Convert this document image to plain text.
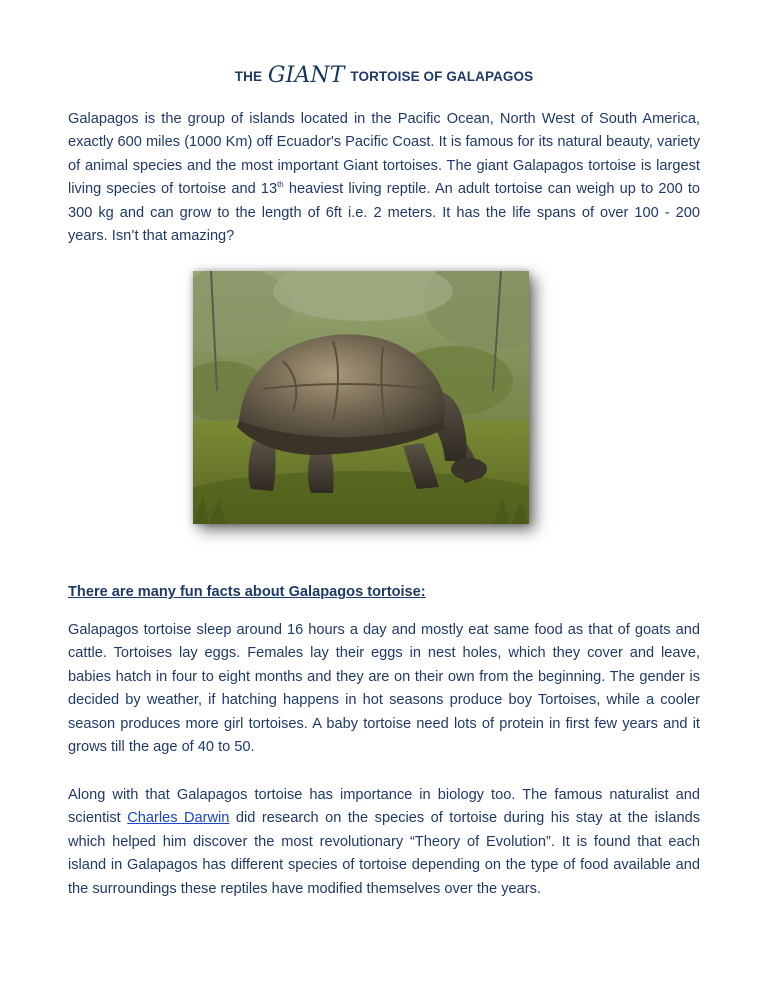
THE GIANT TORTOISE OF GALAPAGOS

Galapagos is the group of islands located in the Pacific Ocean, North West of South America, exactly 600 miles (1000 Km) off Ecuador's Pacific Coast. It is famous for its natural beauty, variety of animal species and the most important Giant tortoises. The giant Galapagos tortoise is largest living species of tortoise and 13th heaviest living reptile. An adult tortoise can weigh up to 200 to 300 kg and can grow to the length of 6ft i.e. 2 meters. It has the life spans of over 100 - 200 years. Isn’t that amazing?

There are many fun facts about Galapagos tortoise:

Galapagos tortoise sleep around 16 hours a day and mostly eat same food as that of goats and cattle. Tortoises lay eggs. Females lay their eggs in nest holes, which they cover and leave, babies hatch in four to eight months and they are on their own from the beginning. The gender is decided by weather, if hatching happens in hot seasons produce boy Tortoises, while a cooler season produces more girl tortoises. A baby tortoise need lots of protein in first few years and it grows till the age of 40 to 50.

Along with that Galapagos tortoise has importance in biology too. The famous naturalist and scientist Charles Darwin did research on the species of tortoise during his stay at the islands which helped him discover the most revolutionary “Theory of Evolution”. It is found that each island in Galapagos has different species of tortoise depending on the type of food available and the surroundings these reptiles have modified themselves over the years.
